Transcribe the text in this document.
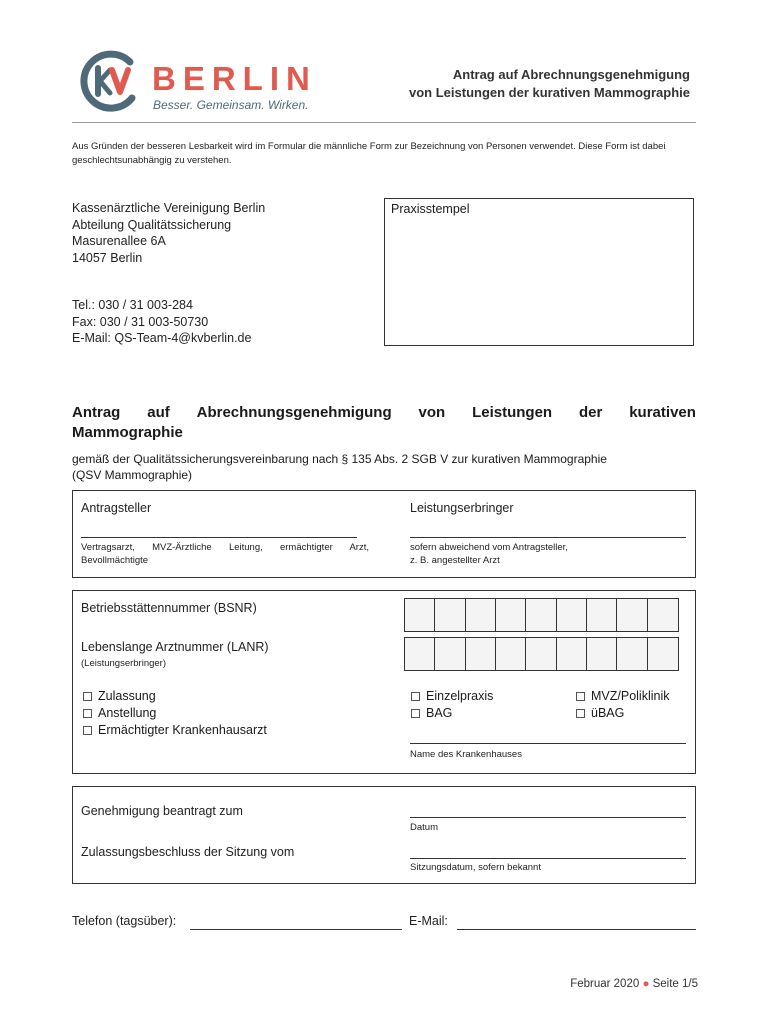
BERLIN
Besser. Gemeinsam. Wirken.
Antrag auf Abrechnungsgenehmigung
von Leistungen der kurativen Mammographie
Aus Gründen der besseren Lesbarkeit wird im Formular die männliche Form zur Bezeichnung von Personen verwendet. Diese Form ist dabei geschlechtsunabhängig zu verstehen.
Kassenärztliche Vereinigung Berlin
Abteilung Qualitätssicherung
Masurenallee 6A
14057 Berlin
Tel.: 030 / 31 003-284
Fax: 030 / 31 003-50730
E-Mail: QS-Team-4@kvberlin.de
Praxisstempel
Antrag auf Abrechnungsgenehmigung von Leistungen der kurativen
Mammographie
gemäß der Qualitätssicherungsvereinbarung nach § 135 Abs. 2 SGB V zur kurativen Mammographie
(QSV Mammographie)
Antragsteller
Vertragsarzt, MVZ-Ärztliche Leitung, ermächtigter Arzt,
Bevollmächtigte
Leistungserbringer
sofern abweichend vom Antragsteller,
z. B. angestellter Arzt
Betriebsstättennummer (BSNR)
Lebenslange Arztnummer (LANR)
(Leistungserbringer)
Zulassung
Anstellung
Ermächtigter Krankenhausarzt
Einzelpraxis
BAG
MVZ/Poliklinik
üBAG
Name des Krankenhauses
Genehmigung beantragt zum
Datum
Zulassungsbeschluss der Sitzung vom
Sitzungsdatum, sofern bekannt
Telefon (tagsüber):	E-Mail:
Februar 2020 ● Seite 1/5
